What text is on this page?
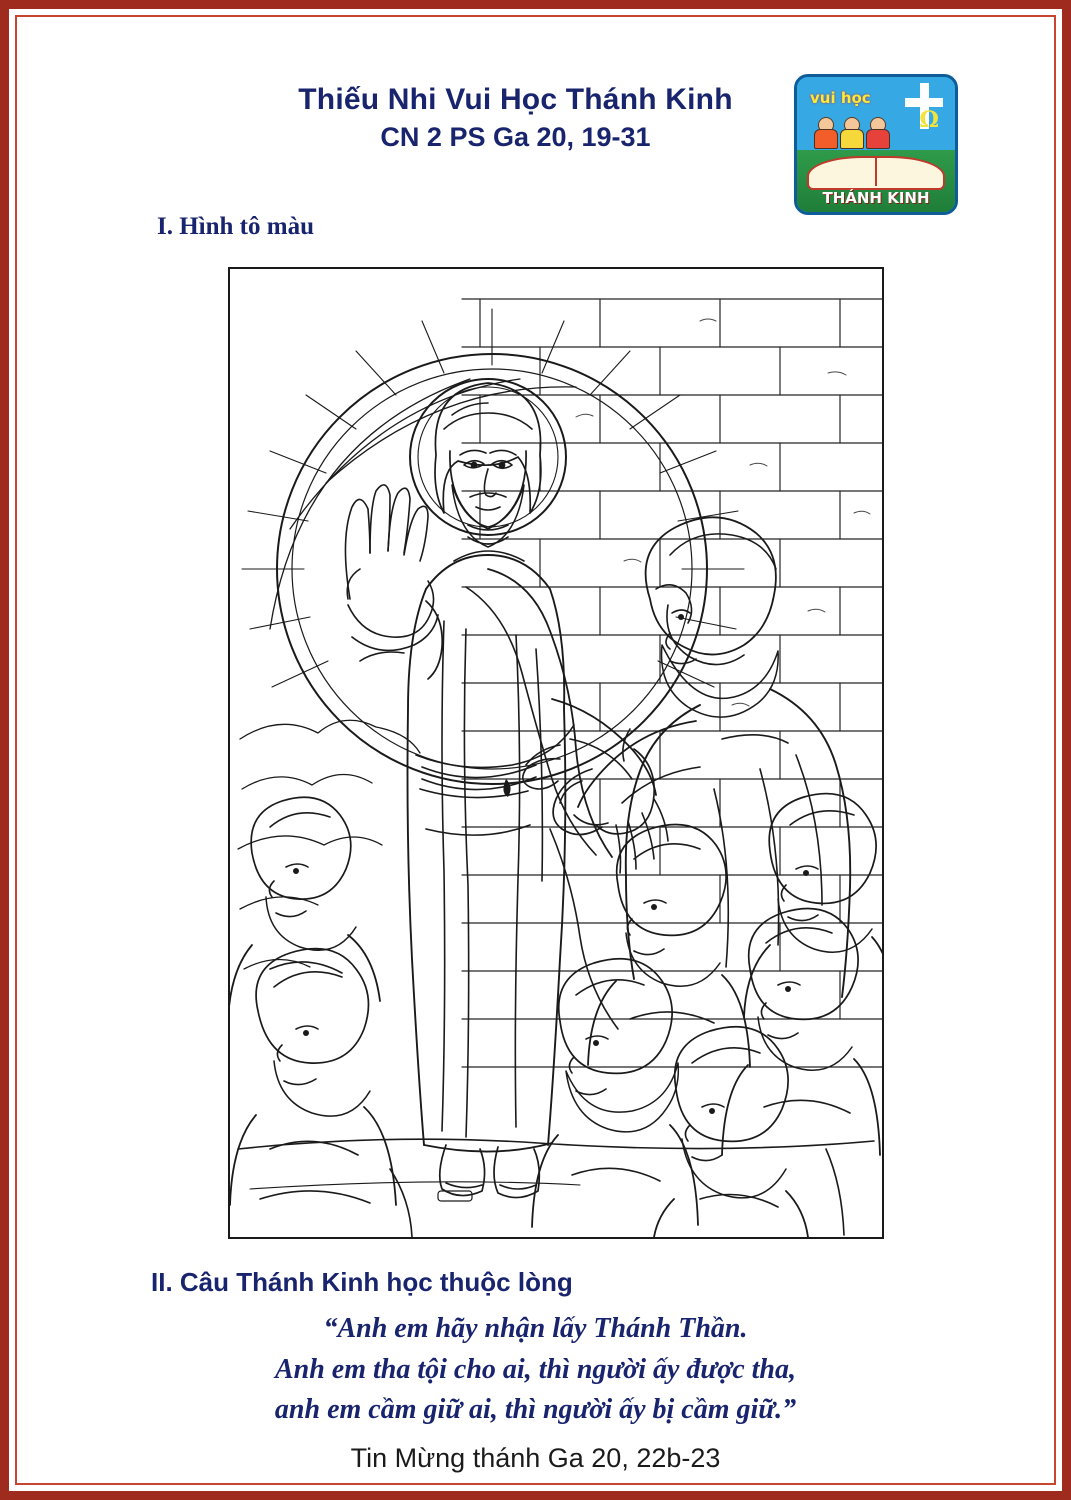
Thiếu Nhi Vui Học Thánh Kinh
CN 2 PS Ga 20, 19-31
vui học
Ω
THÁNH KINH
I. Hình tô màu
II. Câu Thánh Kinh học thuộc lòng
“Anh em hãy nhận lấy Thánh Thần.
Anh em tha tội cho ai, thì người ấy được tha,
anh em cầm giữ ai, thì người ấy bị cầm giữ.”
Tin Mừng thánh Ga 20, 22b-23
